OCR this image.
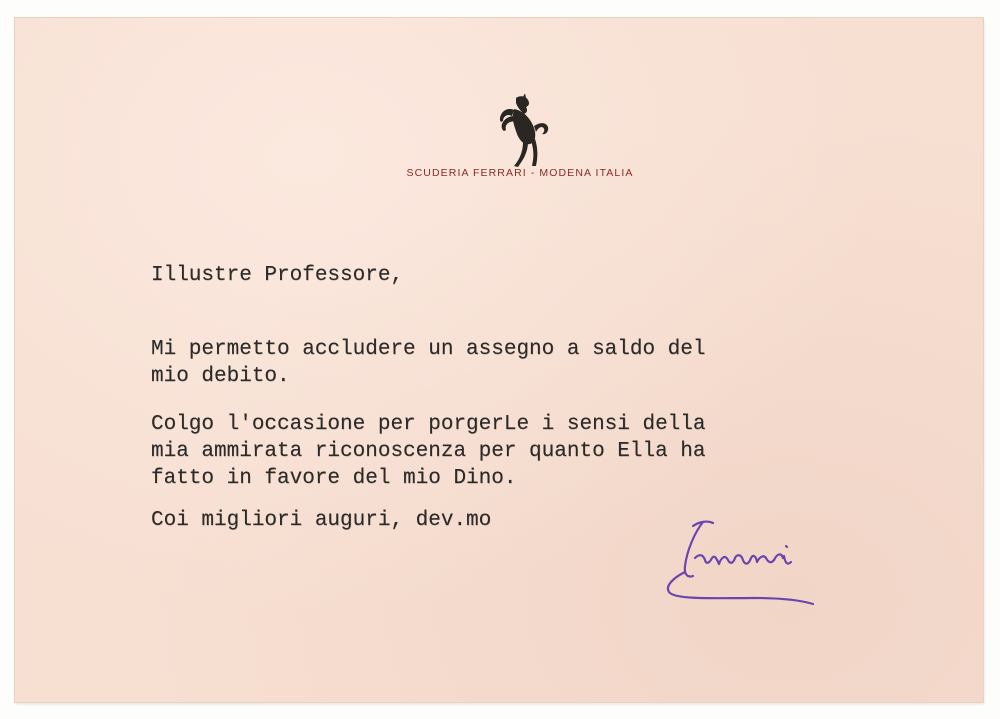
SCUDERIA FERRARI - MODENA ITALIA
Illustre Professore,
Mi permetto accludere un assegno a saldo del
mio debito.
Colgo l'occasione per porgerLe i sensi della
mia ammirata riconoscenza per quanto Ella ha
fatto in favore del mio Dino.
Coi migliori auguri, dev.mo
